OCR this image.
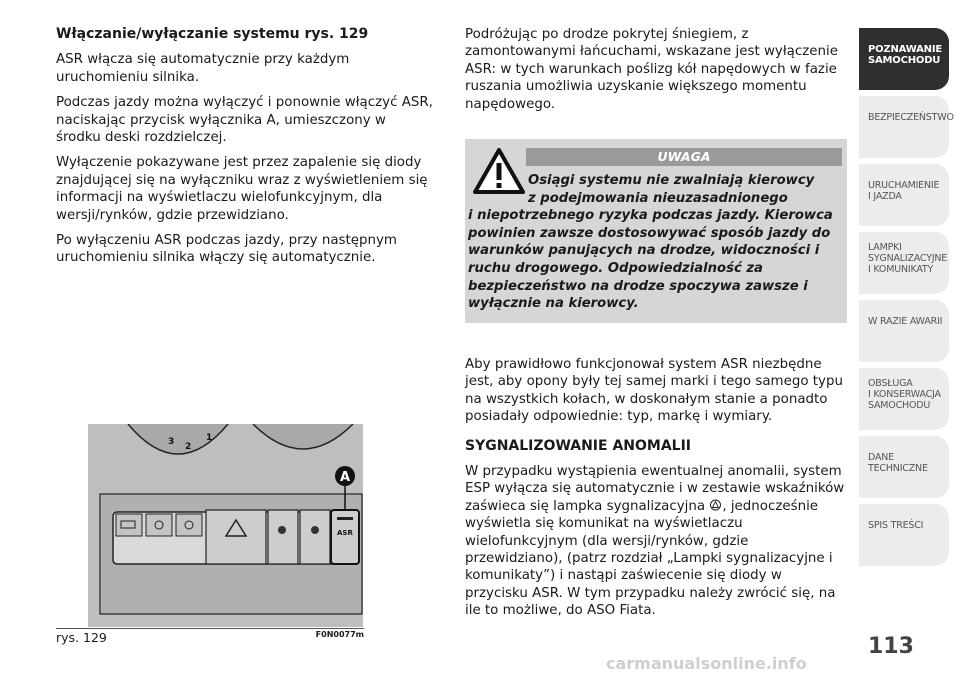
Włączanie/wyłączanie systemu rys. 129

ASR włącza się automatycznie przy każdym uruchomieniu silnika.

Podczas jazdy można wyłączyć i ponownie włączyć ASR, naciskając przycisk wyłącznika A, umieszczony w środku deski rozdzielczej.

Wyłączenie pokazywane jest przez zapalenie się diody znajdującej się na wyłączniku wraz z wyświetleniem się informacji na wyświetlaczu wielofunkcyjnym, dla wersji/rynków, gdzie przewidziano.

Po wyłączeniu ASR podczas jazdy, przy następnym uruchomieniu silnika włączy się automatycznie.

Podróżując po drodze pokrytej śniegiem, z zamontowanymi łańcuchami, wskazane jest wyłączenie ASR: w tych warunkach poślizg kół napędowych w fazie ruszania umożliwia uzyskanie większego momentu napędowego.

UWAGA
Osiągi systemu nie zwalniają kierowcy
z podejmowania nieuzasadnionego
i niepotrzebnego ryzyka podczas jazdy. Kierowca powinien zawsze dostosowywać sposób jazdy do warunków panujących na drodze, widoczności i ruchu drogowego. Odpowiedzialność za bezpieczeństwo na drodze spoczywa zawsze i wyłącznie na kierowcy.

Aby prawidłowo funkcjonował system ASR niezbędne jest, aby opony były tej samej marki i tego samego typu na wszystkich kołach, w doskonałym stanie a ponadto posiadały odpowiednie: typ, markę i wymiary.

SYGNALIZOWANIE ANOMALII

W przypadku wystąpienia ewentualnej anomalii, system ESP wyłącza się automatycznie i w zestawie wskaźników zaświeca się lampka sygnalizacyjna , jednocześnie wyświetla się komunikat na wyświetlaczu wielofunkcyjnym (dla wersji/rynków, gdzie przewidziano), (patrz rozdział „Lampki sygnalizacyjne i komunikaty”) i nastąpi zaświecenie się diody w przycisku ASR. W tym przypadku należy zwrócić się, na ile to możliwe, do ASO Fiata.

3 2
1
ASR
A
rys. 129	F0N0077m
POZNAWANIE
SAMOCHODU
BEZPIECZEŃSTWO
URUCHAMIENIE
I JAZDA
LAMPKI
SYGNALIZACYJNE
I KOMUNIKATY
W RAZIE AWARII
OBSŁUGA
I KONSERWACJA
SAMOCHODU
DANE TECHNICZNE
SPIS TREŚCI
113
carmanualsonline.info
